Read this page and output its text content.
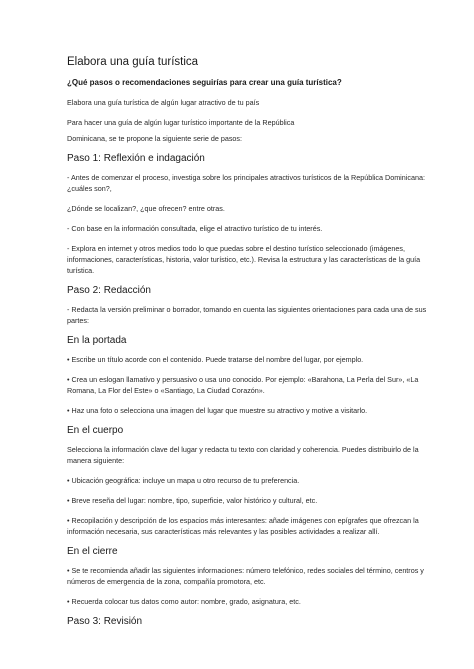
Elabora una guía turística

¿Qué pasos o recomendaciones seguirías para crear una guía turística?

Elabora una guía turística de algún lugar atractivo de tu país

Para hacer una guía de algún lugar turístico importante de la República

Dominicana, se te propone la siguiente serie de pasos:

Paso 1: Reflexión e indagación

- Antes de comenzar el proceso, investiga sobre los principales atractivos turísticos de la República Dominicana: ¿cuáles son?,

¿Dónde se localizan?, ¿que ofrecen? entre otras.

- Con base en la información consultada, elige el atractivo turístico de tu interés.

- Explora en internet y otros medios todo lo que puedas sobre el destino turístico seleccionado (imágenes, informaciones, características, historia, valor turístico, etc.). Revisa la estructura y las características de la guía turística.

Paso 2: Redacción

- Redacta la versión preliminar o borrador, tomando en cuenta las siguientes orientaciones para cada una de sus partes:

En la portada

• Escribe un título acorde con el contenido. Puede tratarse del nombre del lugar, por ejemplo.

• Crea un eslogan llamativo y persuasivo o usa uno conocido. Por ejemplo: «Barahona, La Perla del Sur», «La Romana, La Flor del Este» o «Santiago, La Ciudad Corazón».

• Haz una foto o selecciona una imagen del lugar que muestre su atractivo y motive a visitarlo.

En el cuerpo

Selecciona la información clave del lugar y redacta tu texto con claridad y coherencia. Puedes distribuirlo de la manera siguiente:

• Ubicación geográfica: incluye un mapa u otro recurso de tu preferencia.

• Breve reseña del lugar: nombre, tipo, superficie, valor histórico y cultural, etc.

• Recopilación y descripción de los espacios más interesantes: añade imágenes con epígrafes que ofrezcan la información necesaria, sus características más relevantes y las posibles actividades a realizar allí.

En el cierre

• Se te recomienda añadir las siguientes informaciones: número telefónico, redes sociales del término, centros y números de emergencia de la zona, compañía promotora, etc.

• Recuerda colocar tus datos como autor: nombre, grado, asignatura, etc.

Paso 3: Revisión
